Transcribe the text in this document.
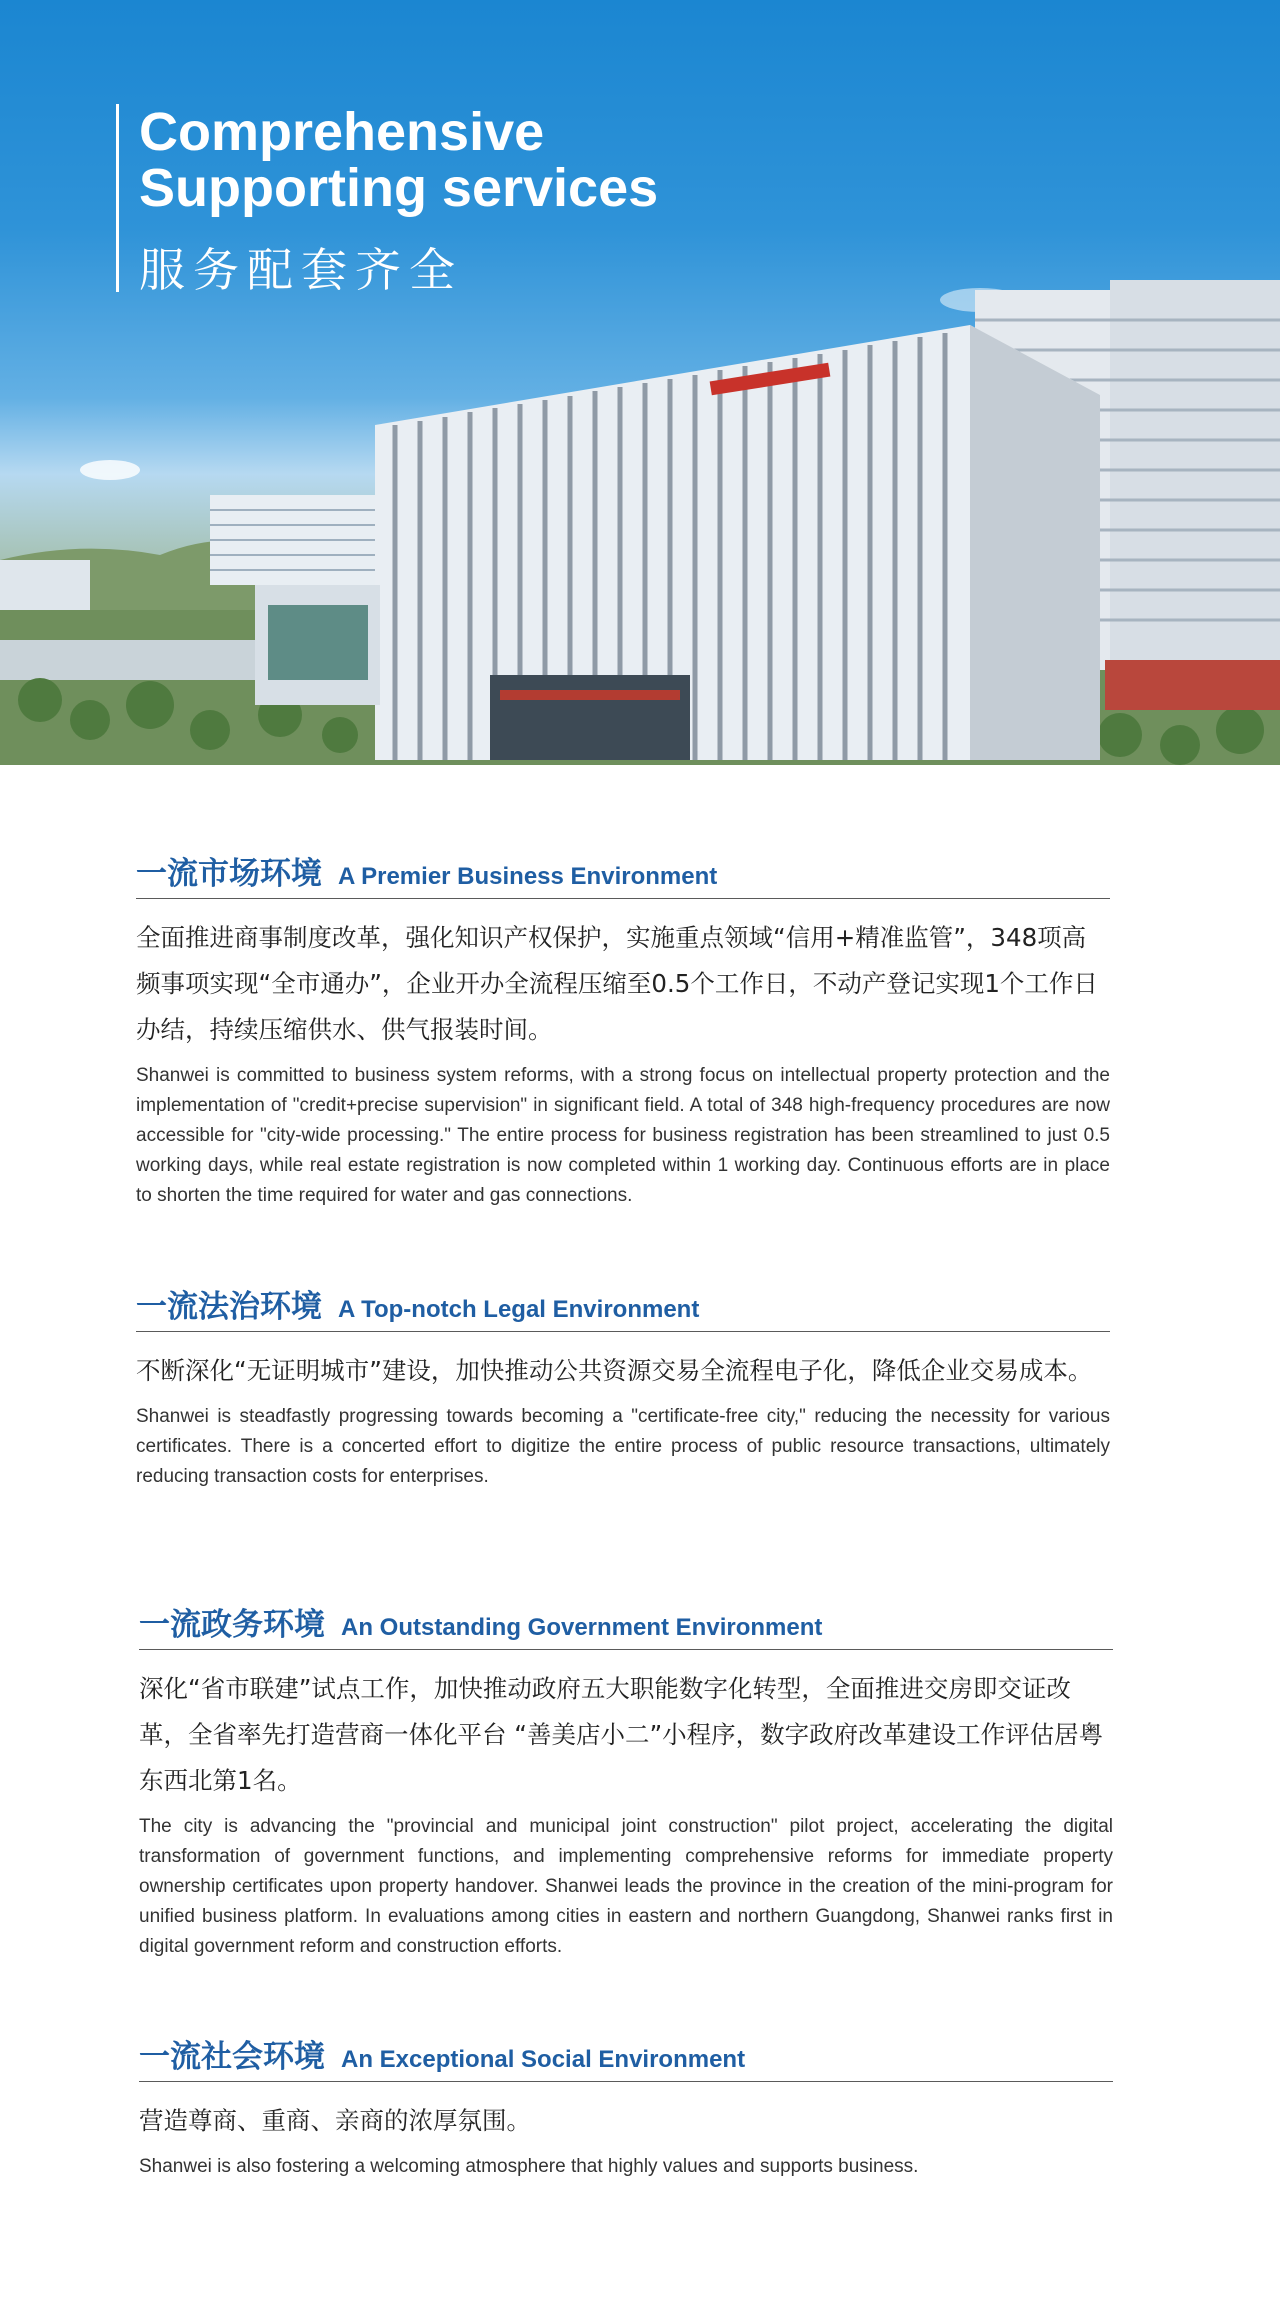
Comprehensive Supporting services
服务配套齐全
一流市场环境 A Premier Business Environment
全面推进商事制度改革，强化知识产权保护，实施重点领域“信用+精准监管”，348项高频事项实现“全市通办”，企业开办全流程压缩至0.5个工作日，不动产登记实现1个工作日办结，持续压缩供水、供气报装时间。
Shanwei is committed to business system reforms, with a strong focus on intellectual property protection and the implementation of "credit+precise supervision" in significant field. A total of 348 high-frequency procedures are now accessible for "city-wide processing." The entire process for business registration has been streamlined to just 0.5 working days, while real estate registration is now completed within 1 working day. Continuous efforts are in place to shorten the time required for water and gas connections.
一流法治环境 A Top-notch Legal Environment
不断深化“无证明城市”建设，加快推动公共资源交易全流程电子化，降低企业交易成本。
Shanwei is steadfastly progressing towards becoming a "certificate-free city," reducing the necessity for various certificates. There is a concerted effort to digitize the entire process of public resource transactions, ultimately reducing transaction costs for enterprises.
一流政务环境 An Outstanding Government Environment
深化“省市联建”试点工作，加快推动政府五大职能数字化转型，全面推进交房即交证改革，全省率先打造营商一体化平台 “善美店小二”小程序，数字政府改革建设工作评估居粤东西北第1名。
The city is advancing the "provincial and municipal joint construction" pilot project, accelerating the digital transformation of government functions, and implementing comprehensive reforms for immediate property ownership certificates upon property handover. Shanwei leads the province in the creation of the mini-program for unified business platform. In evaluations among cities in eastern and northern Guangdong, Shanwei ranks first in digital government reform and construction efforts.
一流社会环境 An Exceptional Social Environment
营造尊商、重商、亲商的浓厚氛围。
Shanwei is also fostering a welcoming atmosphere that highly values and supports business.
